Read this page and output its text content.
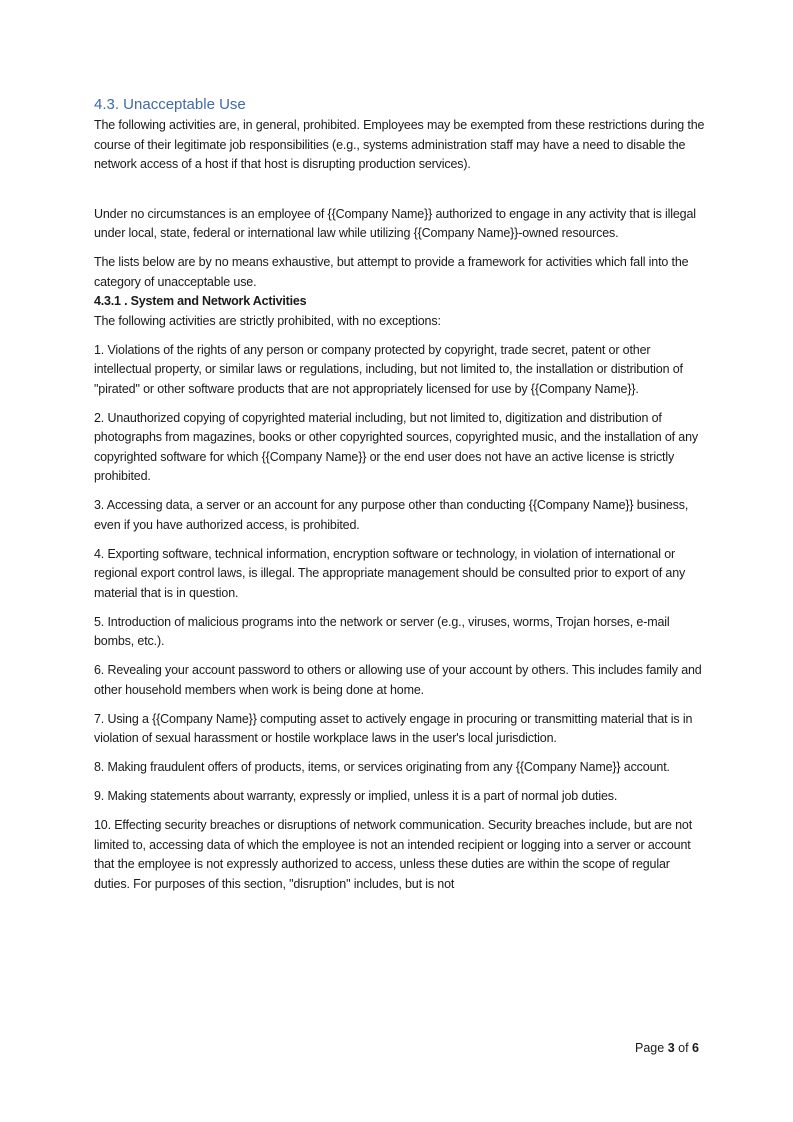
4.3. Unacceptable Use

The following activities are, in general, prohibited. Employees may be exempted from these restrictions during the course of their legitimate job responsibilities (e.g., systems administration staff may have a need to disable the network access of a host if that host is disrupting production services).

Under no circumstances is an employee of {{Company Name}} authorized to engage in any activity that is illegal under local, state, federal or international law while utilizing {{Company Name}}-owned resources.

The lists below are by no means exhaustive, but attempt to provide a framework for activities which fall into the category of unacceptable use.

4.3.1 . System and Network Activities

The following activities are strictly prohibited, with no exceptions:

1. Violations of the rights of any person or company protected by copyright, trade secret, patent or other intellectual property, or similar laws or regulations, including, but not limited to, the installation or distribution of "pirated" or other software products that are not appropriately licensed for use by {{Company Name}}.

2. Unauthorized copying of copyrighted material including, but not limited to, digitization and distribution of photographs from magazines, books or other copyrighted sources, copyrighted music, and the installation of any copyrighted software for which {{Company Name}} or the end user does not have an active license is strictly prohibited.

3. Accessing data, a server or an account for any purpose other than conducting {{Company Name}} business, even if you have authorized access, is prohibited.

4. Exporting software, technical information, encryption software or technology, in violation of international or regional export control laws, is illegal. The appropriate management should be consulted prior to export of any material that is in question.

5. Introduction of malicious programs into the network or server (e.g., viruses, worms, Trojan horses, e-mail bombs, etc.).

6. Revealing your account password to others or allowing use of your account by others. This includes family and other household members when work is being done at home.

7. Using a {{Company Name}} computing asset to actively engage in procuring or transmitting material that is in violation of sexual harassment or hostile workplace laws in the user's local jurisdiction.

8. Making fraudulent offers of products, items, or services originating from any {{Company Name}} account.

9. Making statements about warranty, expressly or implied, unless it is a part of normal job duties.

10. Effecting security breaches or disruptions of network communication. Security breaches include, but are not limited to, accessing data of which the employee is not an intended recipient or logging into a server or account that the employee is not expressly authorized to access, unless these duties are within the scope of regular duties. For purposes of this section, "disruption" includes, but is not

Page 3 of 6
